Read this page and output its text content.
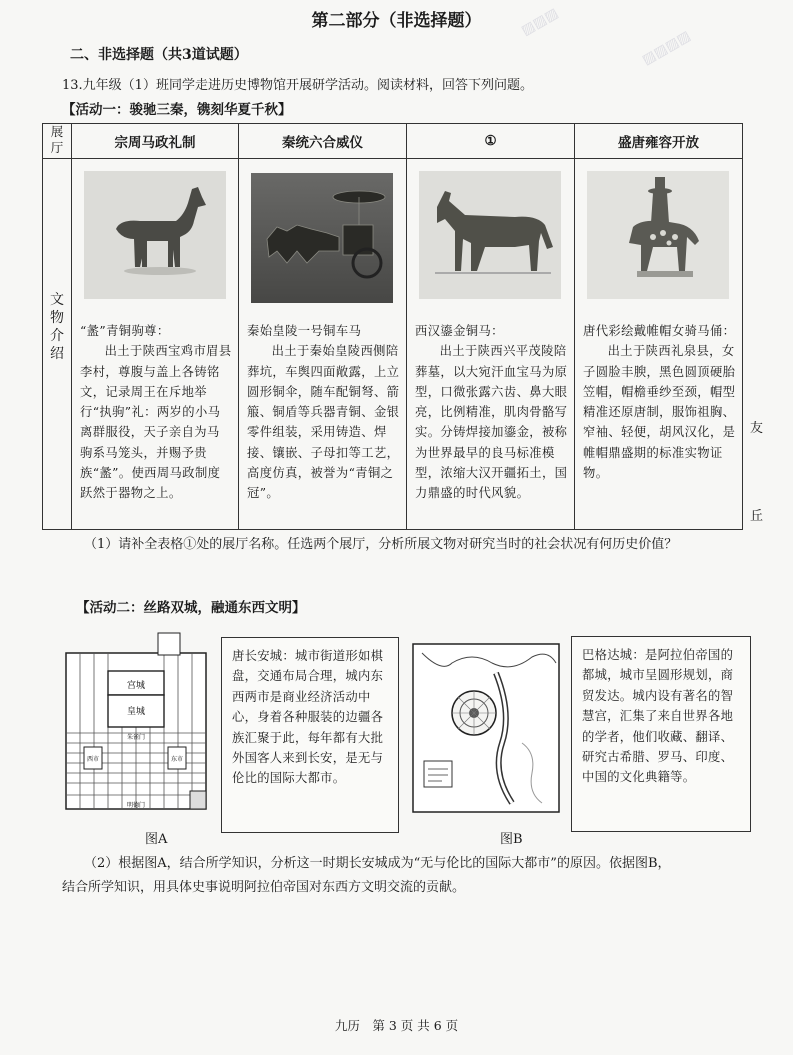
▨▨▨
▨▨▨▨
第二部分（非选择题）
二、非选择题（共3道试题）
13.九年级（1）班同学走进历史博物馆开展研学活动。阅读材料，回答下列问题。
【活动一：骏驰三秦，镌刻华夏千秋】
展
厅	宗周马政礼制	秦统六合威仪	①	盛唐雍容开放
文
物
介
绍	“盠”青铜驹尊：
出土于陕西宝鸡市眉县李村，尊腹与盖上各铸铭文，记录周王在斥地举行“执驹”礼：两岁的小马离群服役，天子亲自为马驹系马笼头，并赐予贵族“盠”。使西周马政制度跃然于器物之上。	秦始皇陵一号铜车马
出土于秦始皇陵西侧陪葬坑，车舆四面敞露，上立圆形铜伞，随车配铜弩、箭箙、铜盾等兵器青铜、金银零件组装，采用铸造、焊接、镶嵌、子母扣等工艺，高度仿真，被誉为“青铜之冠”。	西汉鎏金铜马：
出土于陕西兴平茂陵陪葬墓，以大宛汗血宝马为原型，口微张露六齿、鼻大眼亮，比例精准，肌肉骨骼写实。分铸焊接加鎏金，被称为世界最早的良马标准模型，浓缩大汉开疆拓土，国力鼎盛的时代风貌。	唐代彩绘戴帷帽女骑马俑：
出土于陕西礼泉县，女子圆脸丰腴，黑色圆顶硬胎笠帽，帽檐垂纱至颈，帽型精准还原唐制，服饰祖胸、窄袖、轻便，胡风汉化，是帷帽鼎盛期的标准实物证物。
友
丘
（1）请补全表格①处的展厅名称。任选两个展厅，分析所展文物对研究当时的社会状况有何历史价值？
【活动二：丝路双城，融通东西文明】
宫城
皇城
东市
西市
朱雀门
明德门
唐长安城：城市街道形如棋盘，交通布局合理，城内东西两市是商业经济活动中心，身着各种服装的边疆各族汇聚于此，每年都有大批外国客人来到长安，是无与伦比的国际大都市。
巴格达城：是阿拉伯帝国的都城，城市呈圆形规划，商贸发达。城内设有著名的智慧宫，汇集了来自世界各地的学者，他们收藏、翻译、研究古希腊、罗马、印度、中国的文化典籍等。
图A	图B
（2）根据图A，结合所学知识，分析这一时期长安城成为“无与伦比的国际大都市”的原因。依据图B，
结合所学知识，用具体史事说明阿拉伯帝国对东西方文明交流的贡献。
九历　第 3 页 共 6 页
